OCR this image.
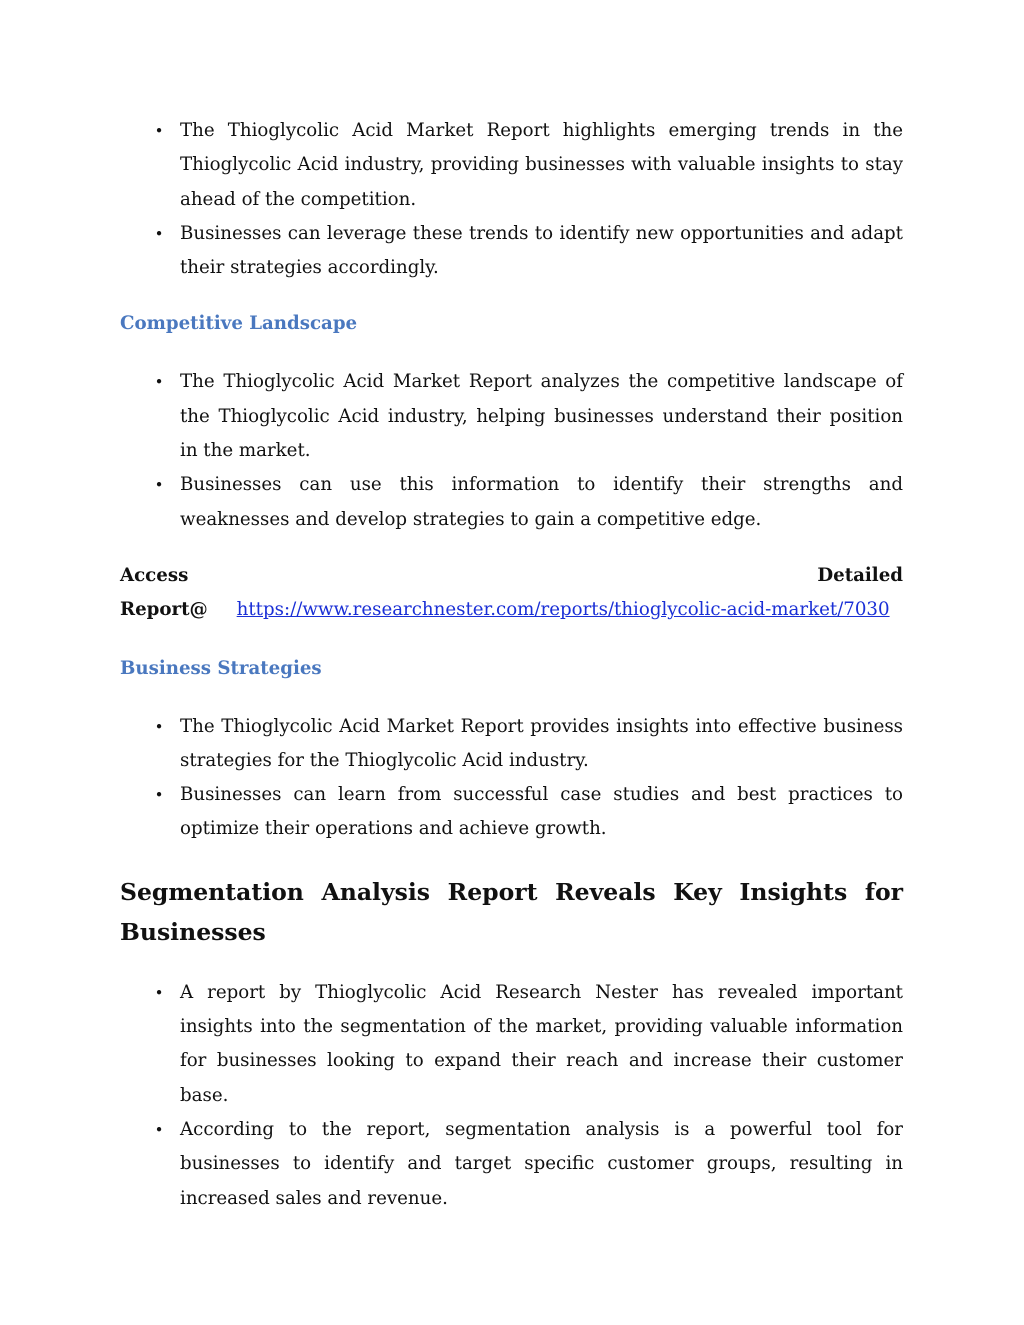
• The Thioglycolic Acid Market Report highlights emerging trends in the Thioglycolic Acid industry, providing businesses with valuable insights to stay ahead of the competition.
• Businesses can leverage these trends to identify new opportunities and adapt their strategies accordingly.
Competitive Landscape
• The Thioglycolic Acid Market Report analyzes the competitive landscape of the Thioglycolic Acid industry, helping businesses understand their position in the market.
• Businesses can use this information to identify their strengths and weaknesses and develop strategies to gain a competitive edge.

Access Detailed Report@ https://www.researchnester.com/reports/thioglycolic-acid-market/7030

Business Strategies
• The Thioglycolic Acid Market Report provides insights into effective business strategies for the Thioglycolic Acid industry.
• Businesses can learn from successful case studies and best practices to optimize their operations and achieve growth.
Segmentation Analysis Report Reveals Key Insights for Businesses
• A report by Thioglycolic Acid Research Nester has revealed important insights into the segmentation of the market, providing valuable information for businesses looking to expand their reach and increase their customer base.
• According to the report, segmentation analysis is a powerful tool for businesses to identify and target specific customer groups, resulting in increased sales and revenue.
